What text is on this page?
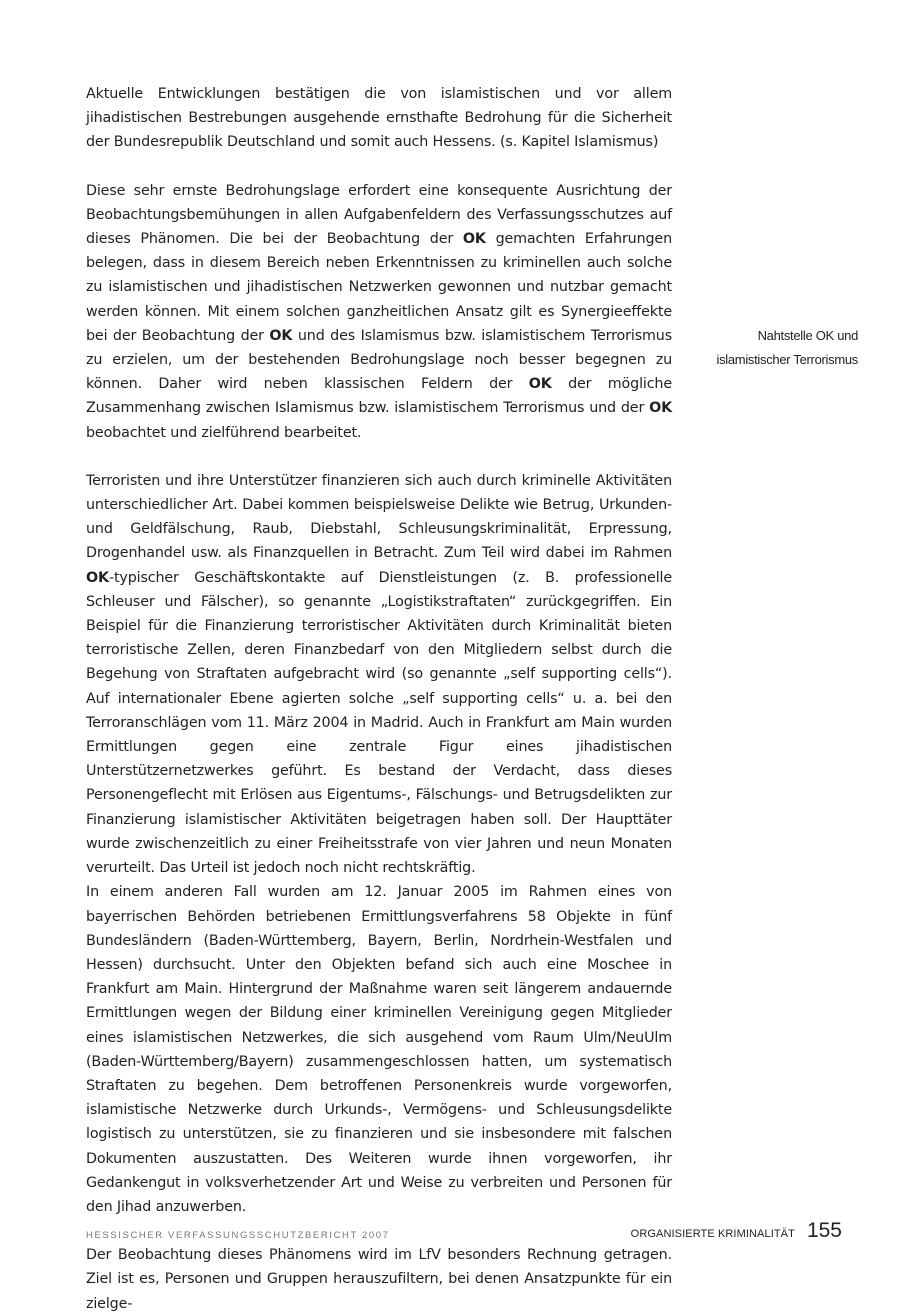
Aktuelle Entwicklungen bestätigen die von islamistischen und vor allem jihadistischen Bestrebungen ausgehende ernsthafte Bedrohung für die Sicherheit der Bundesrepublik Deutschland und somit auch Hessens. (s. Kapitel Islamismus)

Diese sehr ernste Bedrohungslage erfordert eine konsequente Ausrichtung der Beobachtungsbemühungen in allen Aufgabenfeldern des Verfassungsschutzes auf dieses Phänomen. Die bei der Beobachtung der OK gemachten Erfahrungen belegen, dass in diesem Bereich neben Erkenntnissen zu kriminellen auch solche zu islamistischen und jihadistischen Netzwerken gewonnen und nutzbar gemacht werden können. Mit einem solchen ganzheitlichen Ansatz gilt es Synergieeffekte bei der Beobachtung der OK und des Islamismus bzw. islamistischem Terrorismus zu erzielen, um der bestehenden Bedrohungslage noch besser begegnen zu können. Daher wird neben klassischen Feldern der OK der mögliche Zusammenhang zwischen Islamismus bzw. islamistischem Terrorismus und der OK beobachtet und zielführend bearbeitet.

Terroristen und ihre Unterstützer finanzieren sich auch durch kriminelle Aktivitäten unterschiedlicher Art. Dabei kommen beispielsweise Delikte wie Betrug, Urkunden- und Geldfälschung, Raub, Diebstahl, Schleusungskriminalität, Erpressung, Drogenhandel usw. als Finanzquellen in Betracht. Zum Teil wird dabei im Rahmen OK-typischer Geschäftskontakte auf Dienstleistungen (z. B. professionelle Schleuser und Fälscher), so genannte „Logistikstraftaten“ zurückgegriffen. Ein Beispiel für die Finanzierung terroristischer Aktivitäten durch Kriminalität bieten terroristische Zellen, deren Finanzbedarf von den Mitgliedern selbst durch die Begehung von Straftaten aufgebracht wird (so genannte „self supporting cells“). Auf internationaler Ebene agierten solche „self supporting cells“ u. a. bei den Terroranschlägen vom 11. März 2004 in Madrid. Auch in Frankfurt am Main wurden Ermittlungen gegen eine zentrale Figur eines jihadistischen Unterstützernetzwerkes geführt. Es bestand der Verdacht, dass dieses Personengeflecht mit Erlösen aus Eigentums-, Fälschungs- und Betrugsdelikten zur Finanzierung islamistischer Aktivitäten beigetragen haben soll. Der Haupttäter wurde zwischenzeitlich zu einer Freiheitsstrafe von vier Jahren und neun Monaten verurteilt. Das Urteil ist jedoch noch nicht rechtskräftig.

In einem anderen Fall wurden am 12. Januar 2005 im Rahmen eines von bayerrischen Behörden betriebenen Ermittlungsverfahrens 58 Objekte in fünf Bundesländern (Baden-Württemberg, Bayern, Berlin, Nordrhein-Westfalen und Hessen) durchsucht. Unter den Objekten befand sich auch eine Moschee in Frankfurt am Main. Hintergrund der Maßnahme waren seit längerem andauernde Ermittlungen wegen der Bildung einer kriminellen Vereinigung gegen Mitglieder eines islamistischen Netzwerkes, die sich ausgehend vom Raum Ulm/NeuUlm (Baden-Württemberg/Bayern) zusammengeschlossen hatten, um systematisch Straftaten zu begehen. Dem betroffenen Personenkreis wurde vorgeworfen, islamistische Netzwerke durch Urkunds-, Vermögens- und Schleusungsdelikte logistisch zu unterstützen, sie zu finanzieren und sie insbesondere mit falschen Dokumenten auszustatten. Des Weiteren wurde ihnen vorgeworfen, ihr Gedankengut in volksverhetzender Art und Weise zu verbreiten und Personen für den Jihad anzuwerben.

Der Beobachtung dieses Phänomens wird im LfV besonders Rechnung getragen. Ziel ist es, Personen und Gruppen herauszufiltern, bei denen Ansatzpunkte für ein zielge-

Nahtstelle OK und
islamistischer Terrorismus
HESSISCHER VERFASSUNGSSCHUTZBERICHT 2007	ORGANISIERTE KRIMINALITÄT 155
